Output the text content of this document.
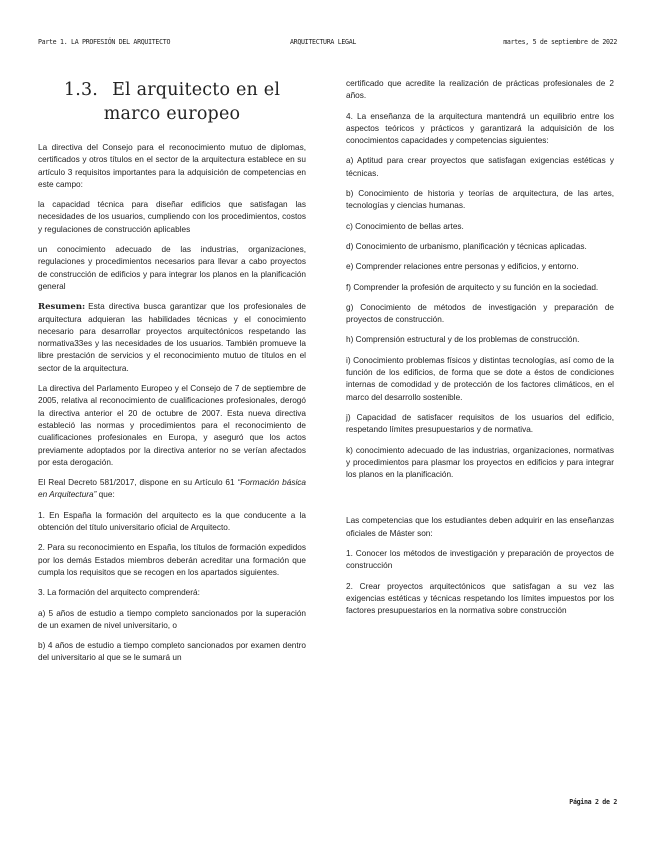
Parte 1. LA PROFESIÓN DEL ARQUITECTO	ARQUITECTURA LEGAL	martes, 5 de septiembre de 2022
1.3. El arquitecto en el marco europeo

La directiva del Consejo para el reconocimiento mutuo de diplomas, certificados y otros títulos en el sector de la arquitectura establece en su artículo 3 requisitos importantes para la adquisición de competencias en este campo:

la capacidad técnica para diseñar edificios que satisfagan las necesidades de los usuarios, cumpliendo con los procedimientos, costos y regulaciones de construcción aplicables

un conocimiento adecuado de las industrias, organizaciones, regulaciones y procedimientos necesarios para llevar a cabo proyectos de construcción de edificios y para integrar los planos en la planificación general

Resumen: Esta directiva busca garantizar que los profesionales de arquitectura adquieran las habilidades técnicas y el conocimiento necesario para desarrollar proyectos arquitectónicos respetando las normativa33es y las necesidades de los usuarios. También promueve la libre prestación de servicios y el reconocimiento mutuo de títulos en el sector de la arquitectura.

La directiva del Parlamento Europeo y el Consejo de 7 de septiembre de 2005, relativa al reconocimiento de cualificaciones profesionales, derogó la directiva anterior el 20 de octubre de 2007. Esta nueva directiva estableció las normas y procedimientos para el reconocimiento de cualificaciones profesionales en Europa, y aseguró que los actos previamente adoptados por la directiva anterior no se verían afectados por esta derogación.

El Real Decreto 581/2017, dispone en su Artículo 61 “Formación básica en Arquitectura” que:

1. En España la formación del arquitecto es la que conducente a la obtención del título universitario oficial de Arquitecto.

2. Para su reconocimiento en España, los títulos de formación expedidos por los demás Estados miembros deberán acreditar una formación que cumpla los requisitos que se recogen en los apartados siguientes.

3. La formación del arquitecto comprenderá:

a) 5 años de estudio a tiempo completo sancionados por la superación de un examen de nivel universitario, o

b) 4 años de estudio a tiempo completo sancionados por examen dentro del universitario al que se le sumará un

certificado que acredite la realización de prácticas profesionales de 2 años.

4. La enseñanza de la arquitectura mantendrá un equilibrio entre los aspectos teóricos y prácticos y garantizará la adquisición de los conocimientos capacidades y competencias siguientes:

a) Aptitud para crear proyectos que satisfagan exigencias estéticas y técnicas.

b) Conocimiento de historia y teorías de arquitectura, de las artes, tecnologías y ciencias humanas.

c) Conocimiento de bellas artes.

d) Conocimiento de urbanismo, planificación y técnicas aplicadas.

e) Comprender relaciones entre personas y edificios, y entorno.

f) Comprender la profesión de arquitecto y su función en la sociedad.

g) Conocimiento de métodos de investigación y preparación de proyectos de construcción.

h) Comprensión estructural y de los problemas de construcción.

i) Conocimiento problemas físicos y distintas tecnologías, así como de la función de los edificios, de forma que se dote a éstos de condiciones internas de comodidad y de protección de los factores climáticos, en el marco del desarrollo sostenible.

j) Capacidad de satisfacer requisitos de los usuarios del edificio, respetando límites presupuestarios y de normativa.

k) conocimiento adecuado de las industrias, organizaciones, normativas y procedimientos para plasmar los proyectos en edificios y para integrar los planos en la planificación.

Las competencias que los estudiantes deben adquirir en las enseñanzas oficiales de Máster son:

1. Conocer los métodos de investigación y preparación de proyectos de construcción

2. Crear proyectos arquitectónicos que satisfagan a su vez las exigencias estéticas y técnicas respetando los límites impuestos por los factores presupuestarios en la normativa sobre construcción

Página 2 de 2
